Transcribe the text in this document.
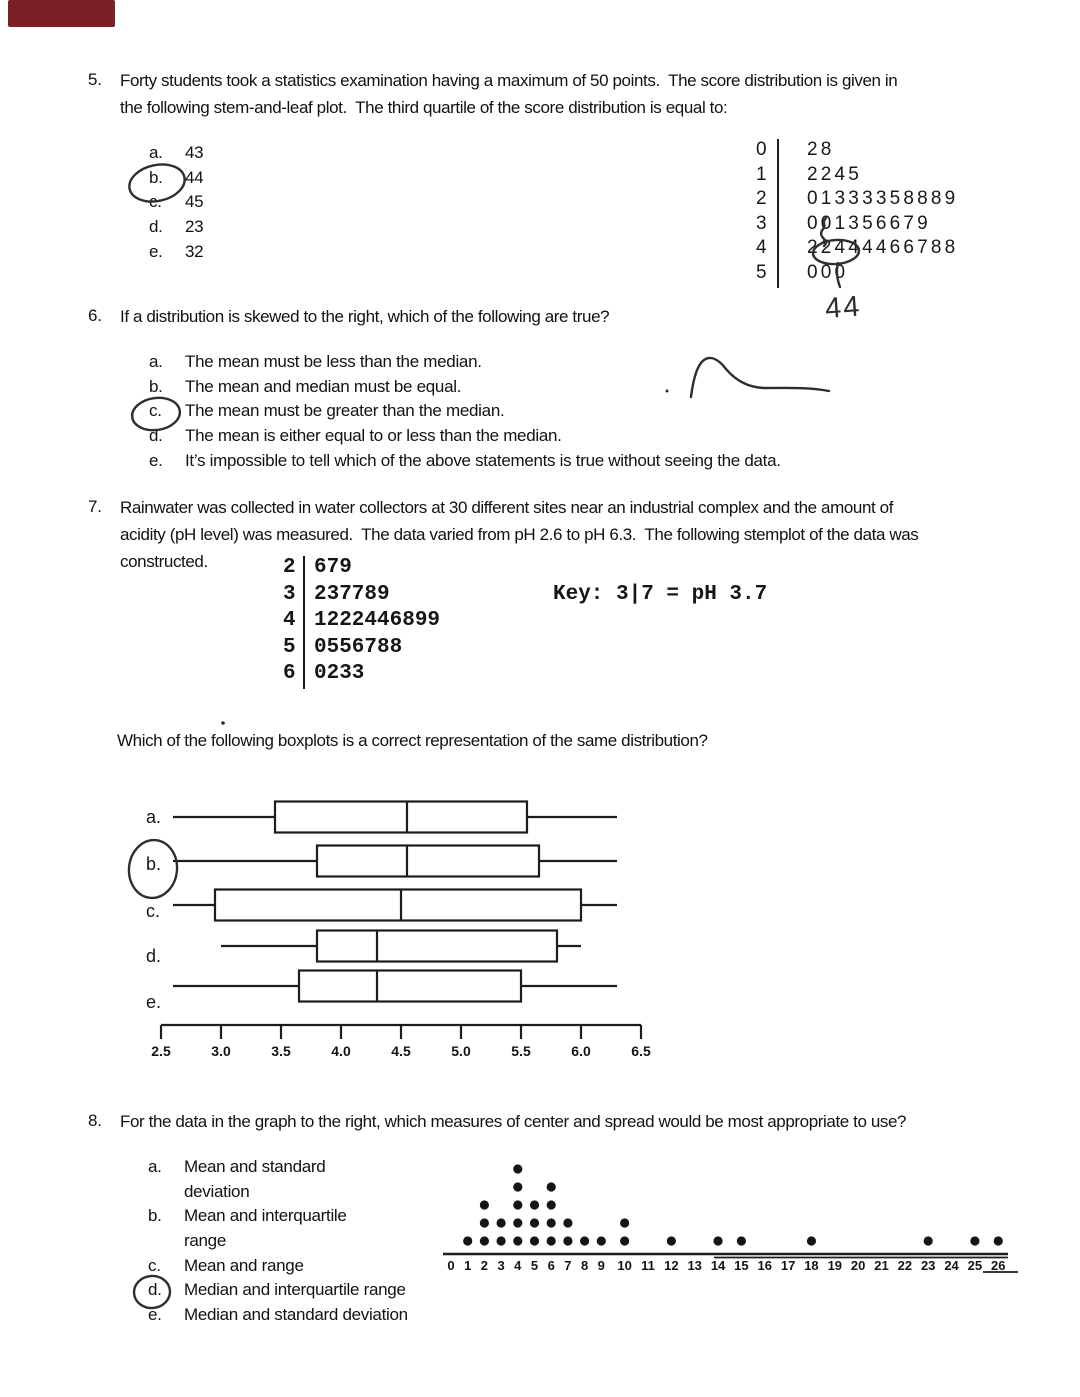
5. Forty students took a statistics examination having a maximum of 50 points.  The score distribution is given in
the following stem-and-leaf plot.  The third quartile of the score distribution is equal to:
a.	43
b.	44
c.	45
d.	23
e.	32
0	28
1	2245
2	01333358889
3	001356679
4	22444466788
5	000
6. If a distribution is skewed to the right, which of the following are true?
a.	The mean must be less than the median.
b.	The mean and median must be equal.
c.	The mean must be greater than the median.
d.	The mean is either equal to or less than the median.
e.	It’s impossible to tell which of the above statements is true without seeing the data.
7. Rainwater was collected in water collectors at 30 different sites near an industrial complex and the amount of
acidity (pH level) was measured.  The data varied from pH 2.6 to pH 6.3.  The following stemplot of the data was
constructed.	2 679
3 237789
4 1222446899
5 0556788
6 0233
Key: 3|7 = pH 3.7
Which of the following boxplots is a correct representation of the same distribution?
8. For the data in the graph to the right, which measures of center and spread would be most appropriate to use?
a.	Mean and standard
deviation
b.	Mean and interquartile
range
c.	Mean and range
d.	Median and interquartile range
e.	Median and standard deviation
a.
b.
c.
d.
e.
2.5	3.0	3.5	4.0	4.5	5.0	5.5	6.0	6.5
0 1 2 3 4 5 6 7 8 9 10 11 12 13 14 15 16 17 18 19 20 21 22 23 24 25 26
44
